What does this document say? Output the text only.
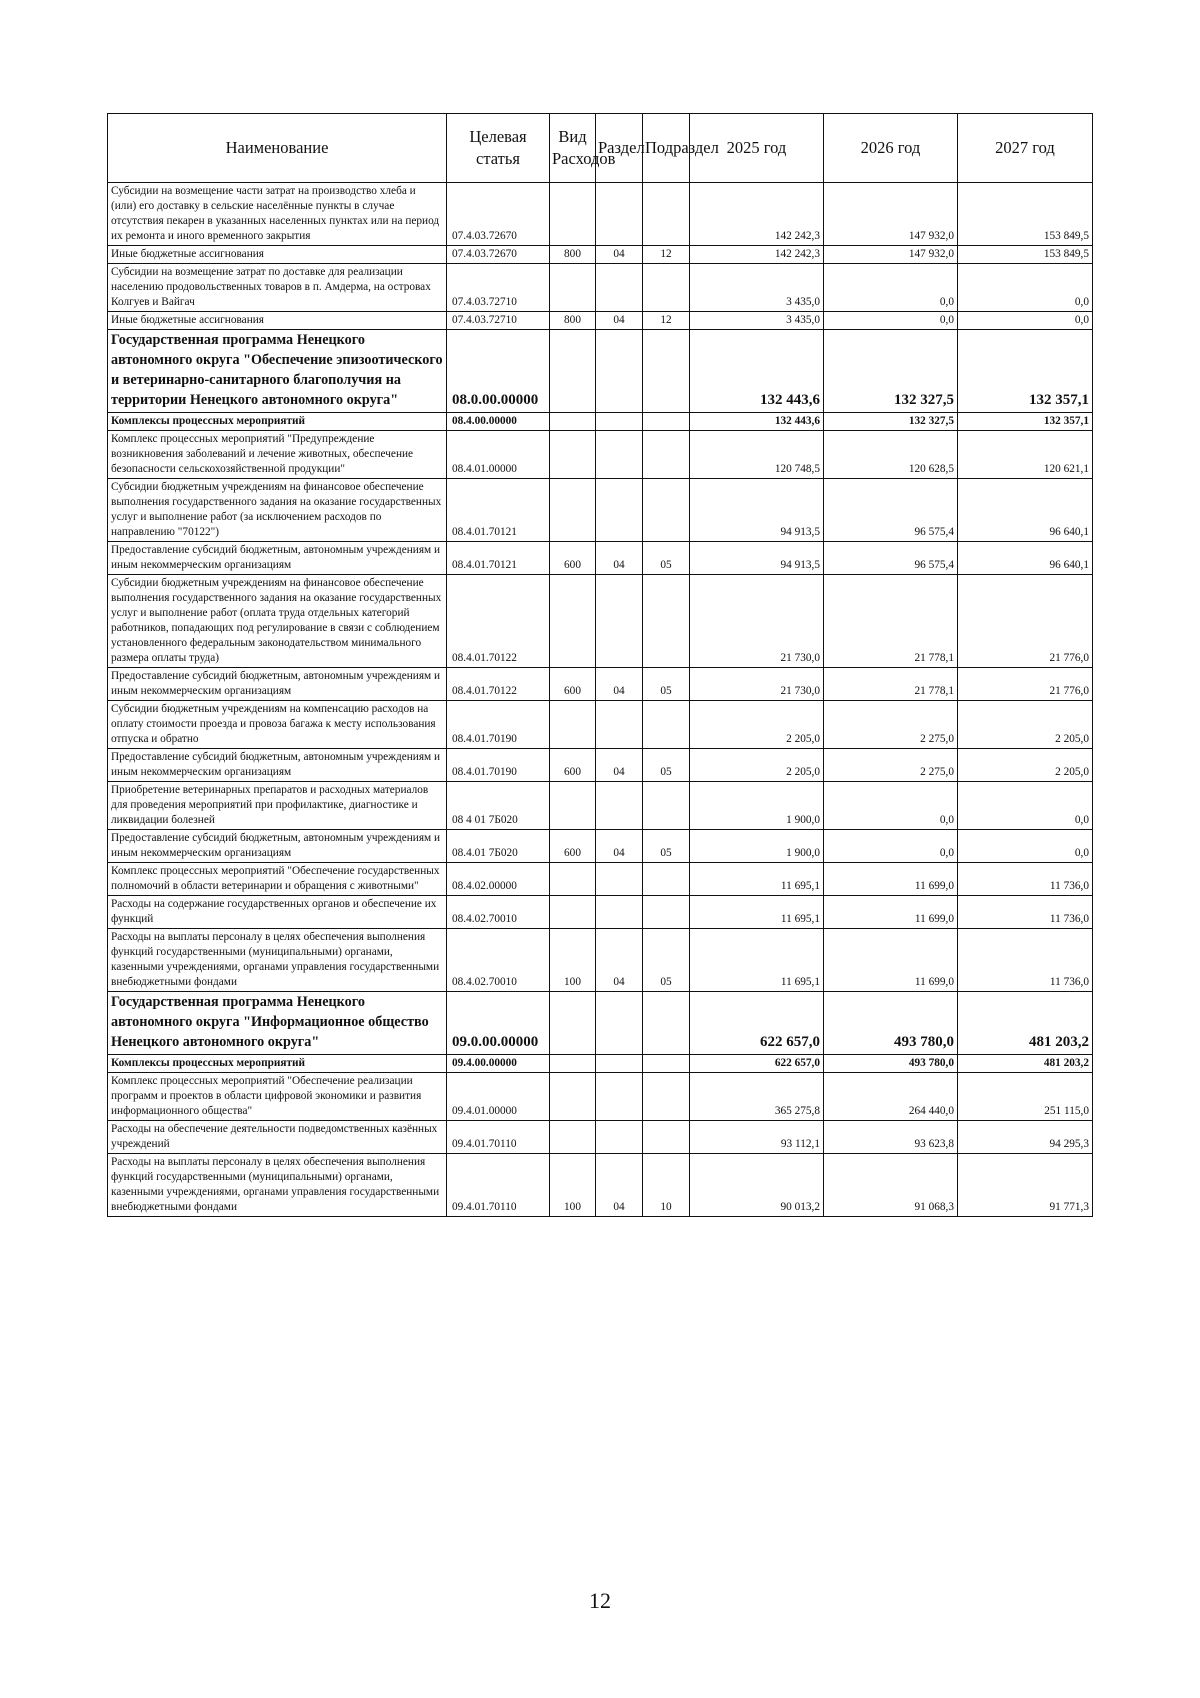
Наименование	Целевая статья	Вид Расходов	Раздел	Подраздел	2025 год	2026 год	2027 год
Субсидии на возмещение части затрат на производство хлеба и (или) его доставку в сельские населённые пункты в случае отсутствия пекарен в указанных населенных пунктах или на период их ремонта и иного временного закрытия	07.4.03.72670				142 242,3	147 932,0	153 849,5
Иные бюджетные ассигнования	07.4.03.72670	800	04	12	142 242,3	147 932,0	153 849,5
Субсидии на возмещение затрат по доставке для реализации населению продовольственных товаров в п. Амдерма, на островах Колгуев и Вайгач	07.4.03.72710				3 435,0	0,0	0,0
Иные бюджетные ассигнования	07.4.03.72710	800	04	12	3 435,0	0,0	0,0
Государственная программа Ненецкого автономного округа "Обеспечение эпизоотического и ветеринарно-санитарного благополучия на территории Ненецкого автономного округа"	08.0.00.00000				132 443,6	132 327,5	132 357,1
Комплексы процессных мероприятий	08.4.00.00000				132 443,6	132 327,5	132 357,1
Комплекс процессных мероприятий "Предупреждение возникновения заболеваний и лечение животных, обеспечение безопасности сельскохозяйственной продукции"	08.4.01.00000				120 748,5	120 628,5	120 621,1
Субсидии бюджетным учреждениям на финансовое обеспечение выполнения государственного задания на оказание государственных услуг и выполнение работ (за исключением расходов по направлению "70122")	08.4.01.70121				94 913,5	96 575,4	96 640,1
Предоставление субсидий бюджетным, автономным учреждениям и иным некоммерческим организациям	08.4.01.70121	600	04	05	94 913,5	96 575,4	96 640,1
Субсидии бюджетным учреждениям на финансовое обеспечение выполнения государственного задания на оказание государственных услуг и выполнение работ (оплата труда отдельных категорий работников, попадающих под регулирование в связи с соблюдением установленного федеральным законодательством минимального размера оплаты труда)	08.4.01.70122				21 730,0	21 778,1	21 776,0
Предоставление субсидий бюджетным, автономным учреждениям и иным некоммерческим организациям	08.4.01.70122	600	04	05	21 730,0	21 778,1	21 776,0
Субсидии бюджетным учреждениям на компенсацию расходов на оплату стоимости проезда и провоза багажа к месту использования отпуска и обратно	08.4.01.70190				2 205,0	2 275,0	2 205,0
Предоставление субсидий бюджетным, автономным учреждениям и иным некоммерческим организациям	08.4.01.70190	600	04	05	2 205,0	2 275,0	2 205,0
Приобретение ветеринарных препаратов и расходных материалов для проведения мероприятий при профилактике, диагностике и ликвидации болезней	08 4 01 7Б020				1 900,0	0,0	0,0
Предоставление субсидий бюджетным, автономным учреждениям и иным некоммерческим организациям	08.4.01 7Б020	600	04	05	1 900,0	0,0	0,0
Комплекс процессных мероприятий "Обеспечение государственных полномочий в области ветеринарии и обращения с животными"	08.4.02.00000				11 695,1	11 699,0	11 736,0
Расходы на содержание государственных органов и обеспечение их функций	08.4.02.70010				11 695,1	11 699,0	11 736,0
Расходы на выплаты персоналу в целях обеспечения выполнения функций государственными (муниципальными) органами, казенными учреждениями, органами управления государственными внебюджетными фондами	08.4.02.70010	100	04	05	11 695,1	11 699,0	11 736,0
Государственная программа Ненецкого автономного округа "Информационное общество Ненецкого автономного округа"	09.0.00.00000				622 657,0	493 780,0	481 203,2
Комплексы процессных мероприятий	09.4.00.00000				622 657,0	493 780,0	481 203,2
Комплекс процессных мероприятий "Обеспечение реализации программ и проектов в области цифровой экономики и развития информационного общества"	09.4.01.00000				365 275,8	264 440,0	251 115,0
Расходы на обеспечение деятельности подведомственных казённых учреждений	09.4.01.70110				93 112,1	93 623,8	94 295,3
Расходы на выплаты персоналу в целях обеспечения выполнения функций государственными (муниципальными) органами, казенными учреждениями, органами управления государственными внебюджетными фондами	09.4.01.70110	100	04	10	90 013,2	91 068,3	91 771,3
12
